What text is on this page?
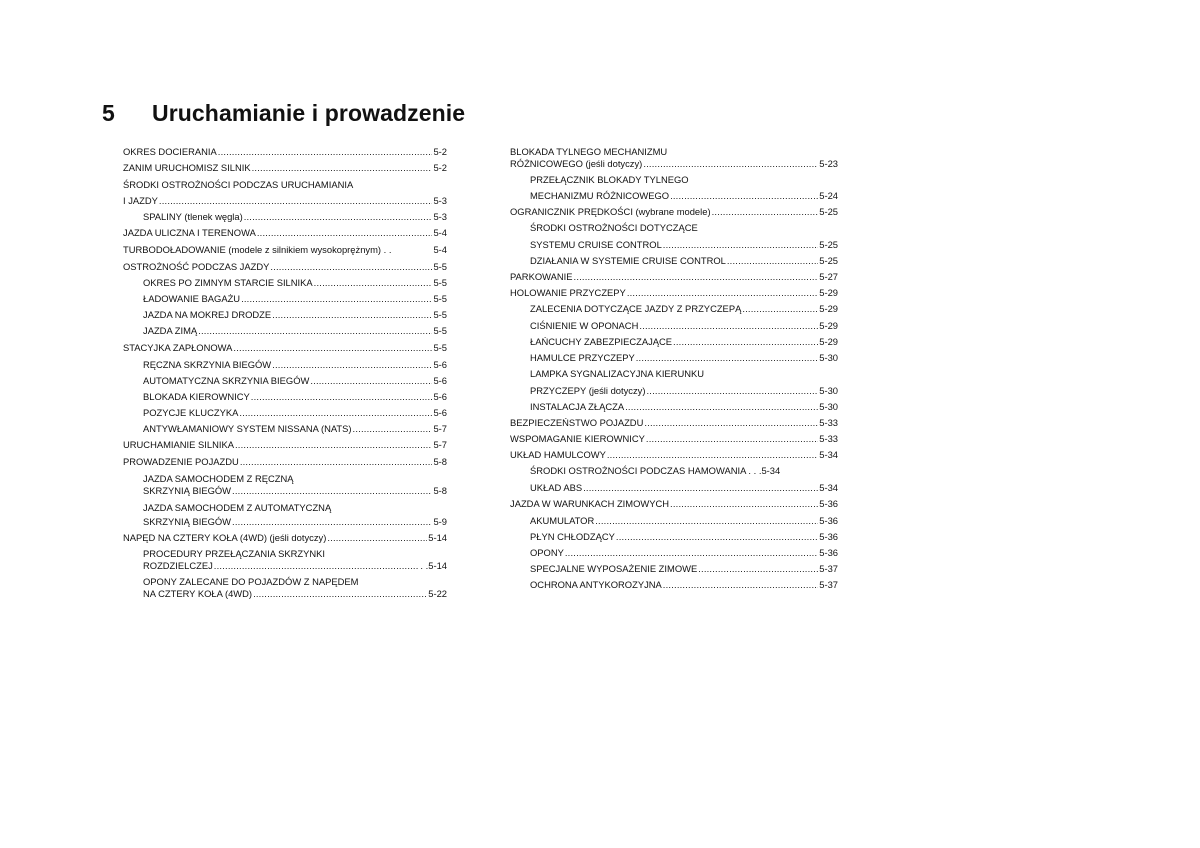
5 Uruchamianie i prowadzenie
OKRES DOCIERANIA .....	5-2
ZANIM URUCHOMISZ SILNIK .....	5-2
ŚRODKI OSTROŻNOŚCI PODCZAS URUCHAMIANIA
I JAZDY .....	5-3
SPALINY (tlenek węgla) .....	5-3
JAZDA ULICZNA I TERENOWA .....	5-4
TURBODOŁADOWANIE (modele z silnikiem wysokoprężnym) . .	5-4
OSTROŻNOŚĆ PODCZAS JAZDY .....	5-5
OKRES PO ZIMNYM STARCIE SILNIKA .....	5-5
ŁADOWANIE BAGAŻU .....	5-5
JAZDA NA MOKREJ DRODZE .....	5-5
JAZDA ZIMĄ .....	5-5
STACYJKA ZAPŁONOWA .....	5-5
RĘCZNA SKRZYNIA BIEGÓW .....	5-6
AUTOMATYCZNA SKRZYNIA BIEGÓW .....	5-6
BLOKADA KIEROWNICY .....	5-6
POZYCJE KLUCZYKA .....	5-6
ANTYWŁAMANIOWY SYSTEM NISSANA (NATS) .....	5-7
URUCHAMIANIE SILNIKA .....	5-7
PROWADZENIE POJAZDU .....	5-8
JAZDA SAMOCHODEM Z RĘCZNĄ
SKRZYNIĄ BIEGÓW .....	5-8
JAZDA SAMOCHODEM Z AUTOMATYCZNĄ
SKRZYNIĄ BIEGÓW .....	5-9
NAPĘD NA CZTERY KOŁA (4WD) (jeśli dotyczy) .....	5-14
PROCEDURY PRZEŁĄCZANIA SKRZYNKI
ROZDZIELCZEJ .....	. .5-14
OPONY ZALECANE DO POJAZDÓW Z NAPĘDEM
NA CZTERY KOŁA (4WD) .....	5-22
BLOKADA TYLNEGO MECHANIZMU
RÓŻNICOWEGO (jeśli dotyczy) .....	5-23
PRZEŁĄCZNIK BLOKADY TYLNEGO
MECHANIZMU RÓŻNICOWEGO .....	5-24
OGRANICZNIK PRĘDKOŚCI (wybrane modele) .....	5-25
ŚRODKI OSTROŻNOŚCI DOTYCZĄCE
SYSTEMU CRUISE CONTROL .....	5-25
DZIAŁANIA W SYSTEMIE CRUISE CONTROL .....	5-25
PARKOWANIE .....	5-27
HOLOWANIE PRZYCZEPY .....	5-29
ZALECENIA DOTYCZĄCE JAZDY Z PRZYCZEPĄ .....	5-29
CIŚNIENIE W OPONACH .....	5-29
ŁAŃCUCHY ZABEZPIECZAJĄCE .....	5-29
HAMULCE PRZYCZEPY .....	5-30
LAMPKA SYGNALIZACYJNA KIERUNKU
PRZYCZEPY (jeśli dotyczy) .....	5-30
INSTALACJA ZŁĄCZA .....	5-30
BEZPIECZEŃSTWO POJAZDU .....	5-33
WSPOMAGANIE KIEROWNICY .....	5-33
UKŁAD HAMULCOWY .....	5-34
ŚRODKI OSTROŻNOŚCI PODCZAS HAMOWANIA . . .5-34
UKŁAD ABS .....	5-34
JAZDA W WARUNKACH ZIMOWYCH .....	5-36
AKUMULATOR .....	5-36
PŁYN CHŁODZĄCY .....	5-36
OPONY .....	5-36
SPECJALNE WYPOSAŻENIE ZIMOWE .....	5-37
OCHRONA ANTYKOROZYJNA .....	5-37
